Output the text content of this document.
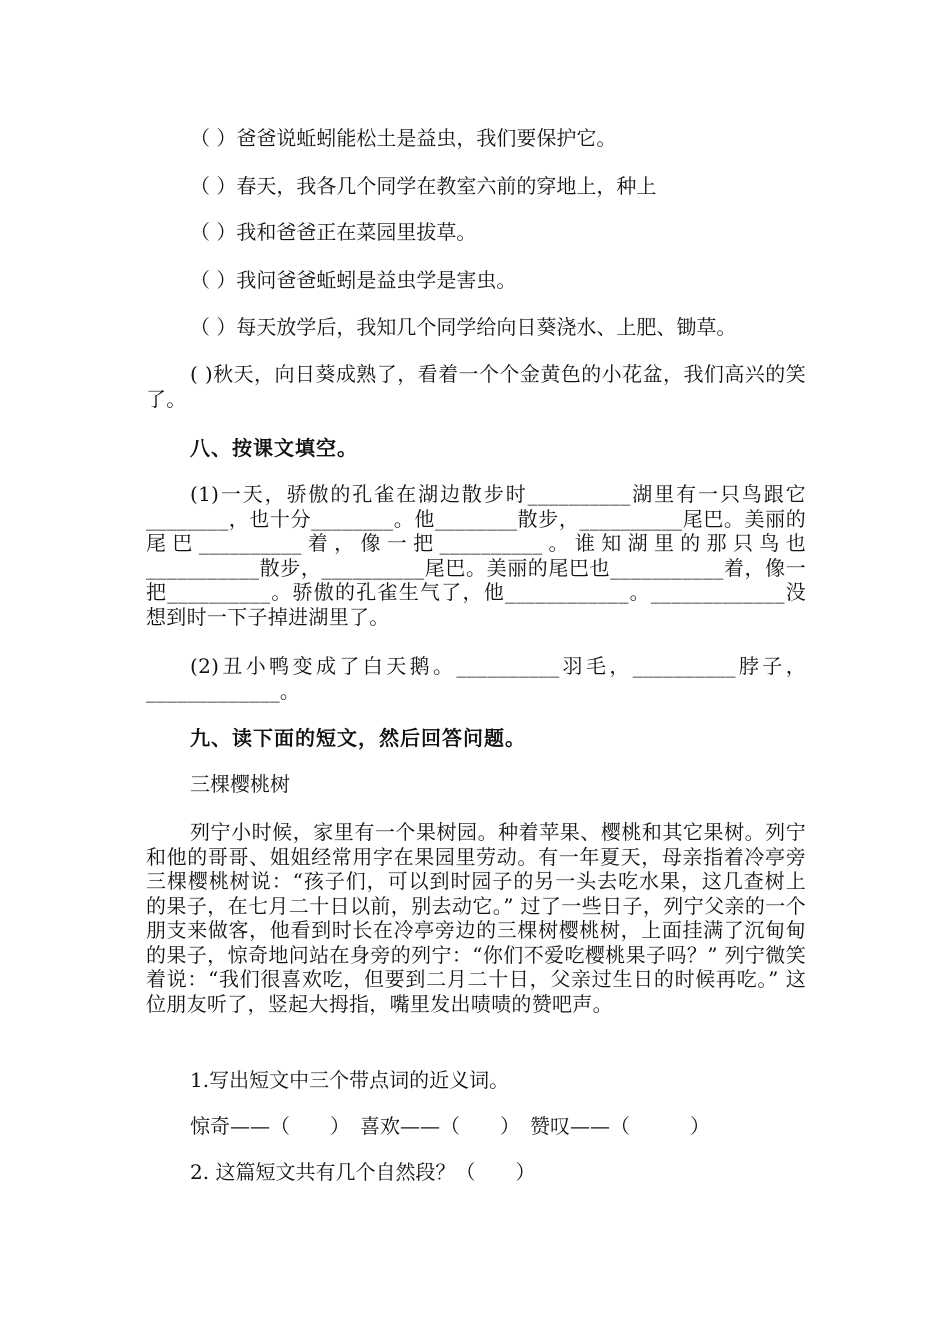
（ ）爸爸说蚯蚓能松土是益虫，我们要保护它。
（ ）春天，我各几个同学在教室六前的穿地上，种上
（ ）我和爸爸正在菜园里拔草。
（ ）我问爸爸蚯蚓是益虫学是害虫。
（ ）每天放学后，我知几个同学给向日葵浇水、上肥、锄草。
( )秋天，向日葵成熟了，看着一个个金黄色的小花盆，我们高兴的笑了。
八、按课文填空。
(1)一天，骄傲的孔雀在湖边散步时__________湖里有一只鸟跟它________，也十分________。他________散步，__________尾巴。美丽的尾巴__________着，像一把__________。谁知湖里的那只鸟也___________散步，__________尾巴。美丽的尾巴也___________着，像一把__________。骄傲的孔雀生气了，他____________。_____________没想到时一下子掉进湖里了。
(2)丑小鸭变成了白天鹅。__________羽毛，__________脖子，_____________。
九、读下面的短文，然后回答问题。
三棵樱桃树
列宁小时候，家里有一个果树园。种着苹果、樱桃和其它果树。列宁和他的哥哥、姐姐经常用字在果园里劳动。有一年夏天，母亲指着冷亭旁三棵樱桃树说：“孩子们，可以到时园子的另一头去吃水果，这几查树上的果子，在七月二十日以前，别去动它。” 过了一些日子，列宁父亲的一个朋支来做客，他看到时长在冷亭旁边的三棵树樱桃树，上面挂满了沉甸甸的果子，惊奇地问站在身旁的列宁：“你们不爱吃樱桃果子吗？” 列宁微笑着说：“我们很喜欢吃，但要到二月二十日，父亲过生日的时候再吃。” 这位朋友听了，竖起大拇指，嘴里发出啧啧的赞吧声。
1.写出短文中三个带点词的近义词。
惊奇——（　　）　喜欢——（　　）　赞叹——（　　　）
2. 这篇短文共有几个自然段？（　　）
